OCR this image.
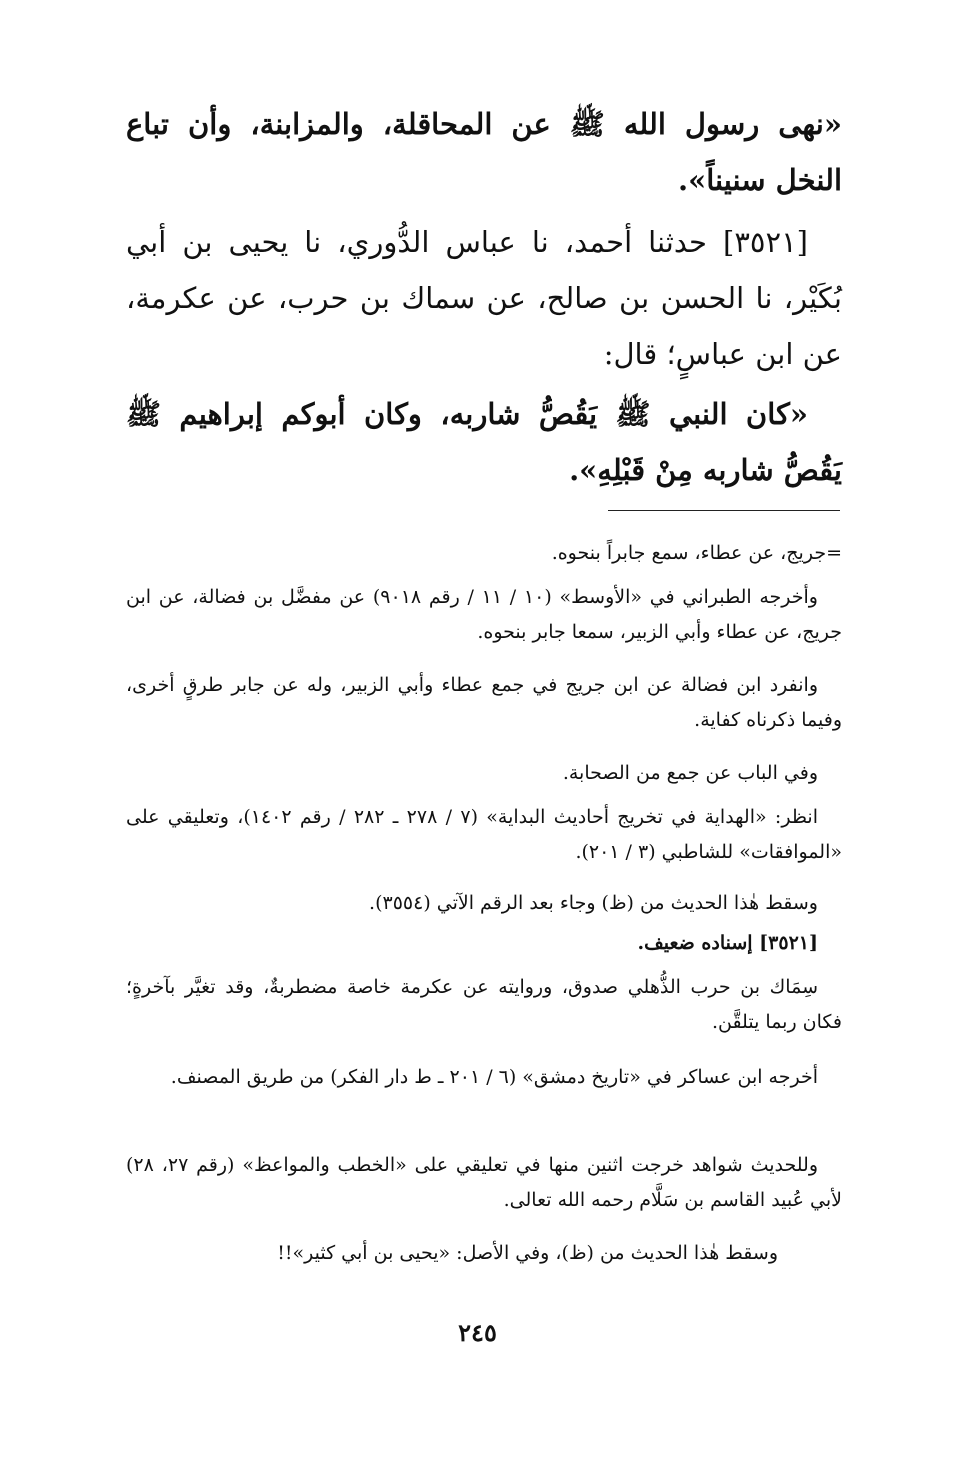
«نهى رسول الله ﷺ عن المحاقلة، والمزابنة، وأن تباع النخل سنيناً».

[٣٥٢١] حدثنا أحمد، نا عباس الدُّوري، نا يحيى بن أبي بُكَيْر، نا الحسن بن صالح، عن سماك بن حرب، عن عكرمة، عن ابن عباسٍ؛ قال:

«كان النبي ﷺ يَقُصُّ شاربه، وكان أبوكم إبراهيم ﷺ يَقُصُّ شاربه مِنْ قَبْلِهِ».

=جريج، عن عطاء، سمع جابراً بنحوه.

وأخرجه الطبراني في «الأوسط» (١٠ / ١١ / رقم ٩٠١٨) عن مفضَّل بن فضالة، عن ابن جريج، عن عطاء وأبي الزبير، سمعا جابر بنحوه.

وانفرد ابن فضالة عن ابن جريج في جمع عطاء وأبي الزبير، وله عن جابر طرقٍ أخرى، وفيما ذكرناه كفاية.

وفي الباب عن جمع من الصحابة.

انظر: «الهداية في تخريج أحاديث البداية» (٧ / ٢٧٨ ـ ٢٨٢ / رقم ١٤٠٢)، وتعليقي على «الموافقات» للشاطبي (٣ / ٢٠١).

وسقط هٰذا الحديث من (ظ) وجاء بعد الرقم الآتي (٣٥٥٤).

[٣٥٢١] إسناده ضعيف.

سِمَاك بن حرب الذُّهلي صدوق، وروايته عن عكرمة خاصة مضطربةٌ، وقد تغيَّر بآخرةٍ؛ فكان ربما يتلقَّن.

أخرجه ابن عساكر في «تاريخ دمشق» (٦ / ٢٠١ ـ ط دار الفكر) من طريق المصنف.

وللحديث شواهد خرجت اثنين منها في تعليقي على «الخطب والمواعظ» (رقم ٢٧، ٢٨) لأبي عُبيد القاسم بن سَلَّام رحمه الله تعالى.

وسقط هٰذا الحديث من (ظ)، وفي الأصل: «يحيى بن أبي كثير»!!

٢٤٥
